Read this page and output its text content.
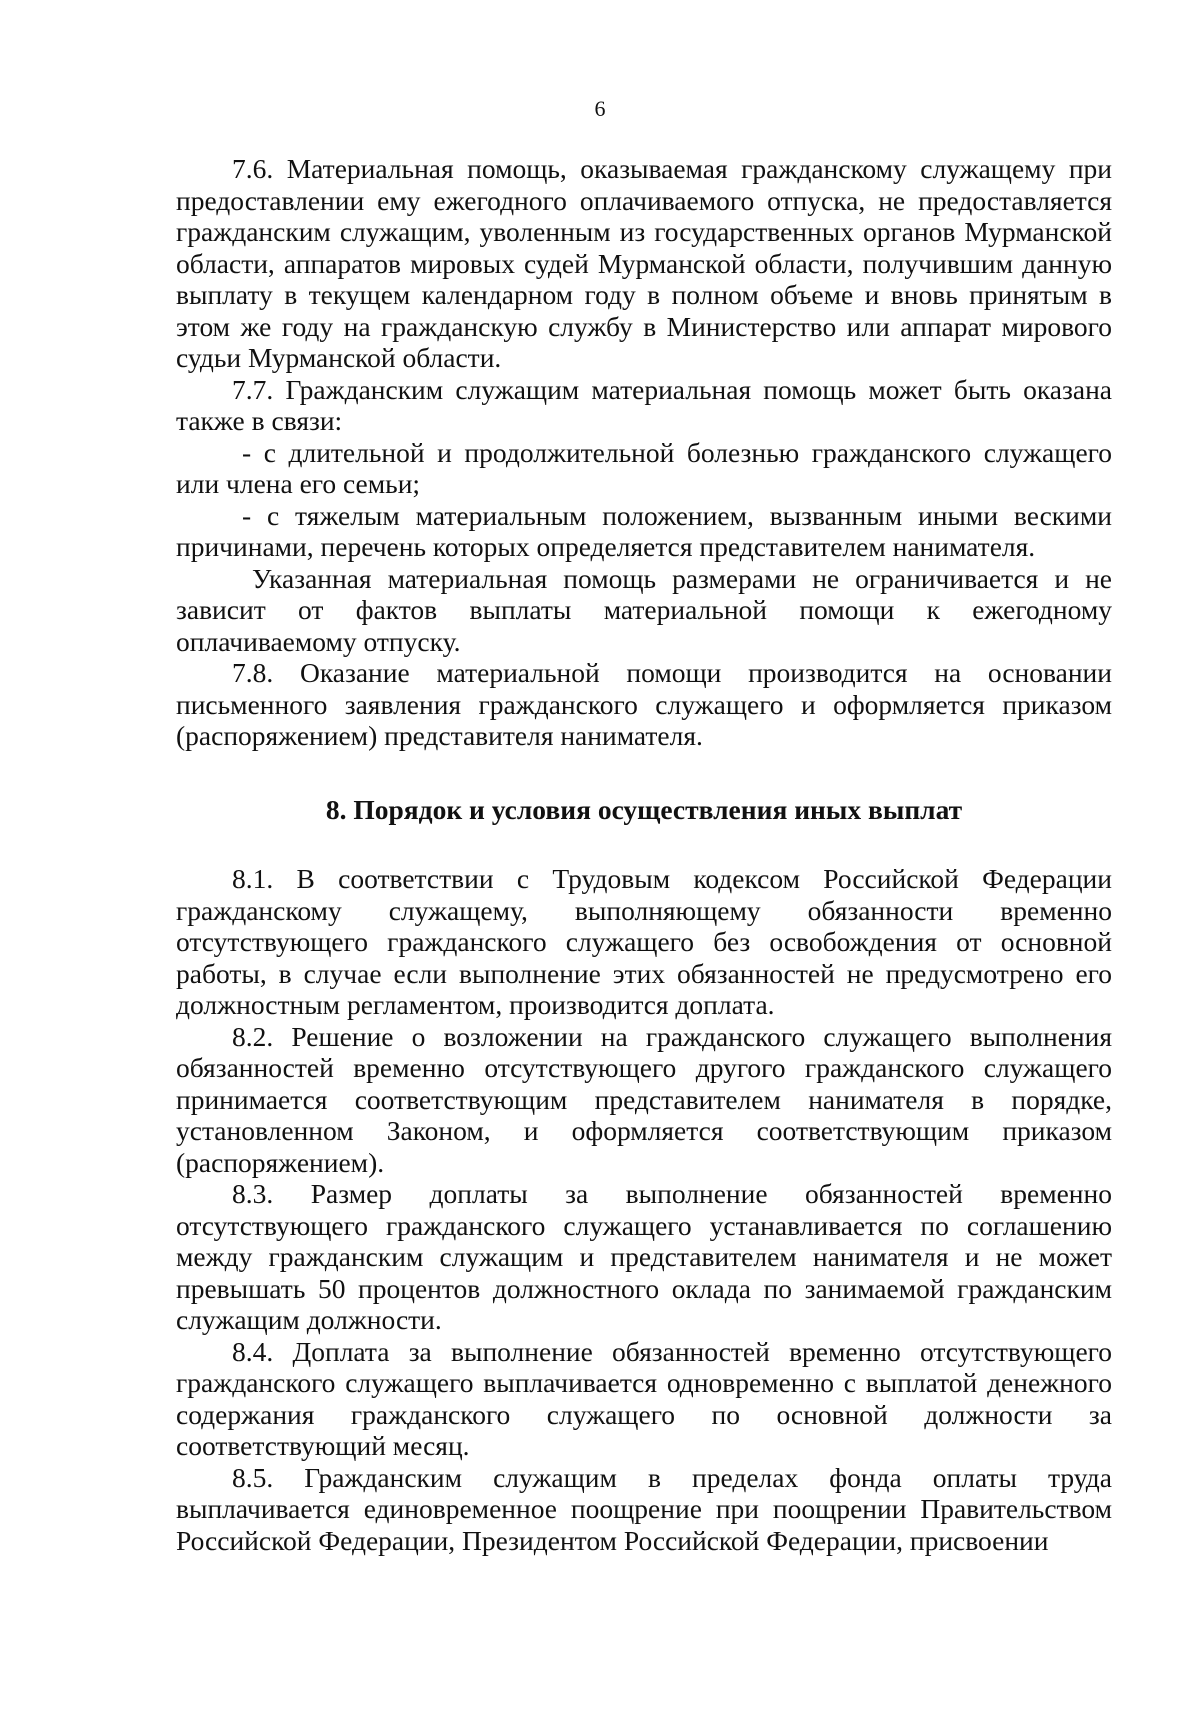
6

7.6. Материальная помощь, оказываемая гражданскому служащему при предоставлении ему ежегодного оплачиваемого отпуска, не предоставляется гражданским служащим, уволенным из государственных органов Мурманской области, аппаратов мировых судей Мурманской области, получившим данную выплату в текущем календарном году в полном объеме и вновь принятым в этом же году на гражданскую службу в Министерство или аппарат мирового судьи Мурманской области.

7.7. Гражданским служащим материальная помощь может быть оказана также в связи:

- с длительной и продолжительной болезнью гражданского служащего или члена его семьи;

- с тяжелым материальным положением, вызванным иными вескими причинами, перечень которых определяется представителем нанимателя.

Указанная материальная помощь размерами не ограничивается и не зависит от фактов выплаты материальной помощи к ежегодному оплачиваемому отпуску.

7.8. Оказание материальной помощи производится на основании письменного заявления гражданского служащего и оформляется приказом (распоряжением) представителя нанимателя.

8. Порядок и условия осуществления иных выплат

8.1. В соответствии с Трудовым кодексом Российской Федерации гражданскому служащему, выполняющему обязанности временно отсутствующего гражданского служащего без освобождения от основной работы, в случае если выполнение этих обязанностей не предусмотрено его должностным регламентом, производится доплата.

8.2. Решение о возложении на гражданского служащего выполнения обязанностей временно отсутствующего другого гражданского служащего принимается соответствующим представителем нанимателя в порядке, установленном Законом, и оформляется соответствующим приказом (распоряжением).

8.3. Размер доплаты за выполнение обязанностей временно отсутствующего гражданского служащего устанавливается по соглашению между гражданским служащим и представителем нанимателя и не может превышать 50 процентов должностного оклада по занимаемой гражданским служащим должности.

8.4. Доплата за выполнение обязанностей временно отсутствующего гражданского служащего выплачивается одновременно с выплатой денежного содержания гражданского служащего по основной должности за соответствующий месяц.

8.5. Гражданским служащим в пределах фонда оплаты труда выплачивается единовременное поощрение при поощрении Правительством Российской Федерации, Президентом Российской Федерации, присвоении
